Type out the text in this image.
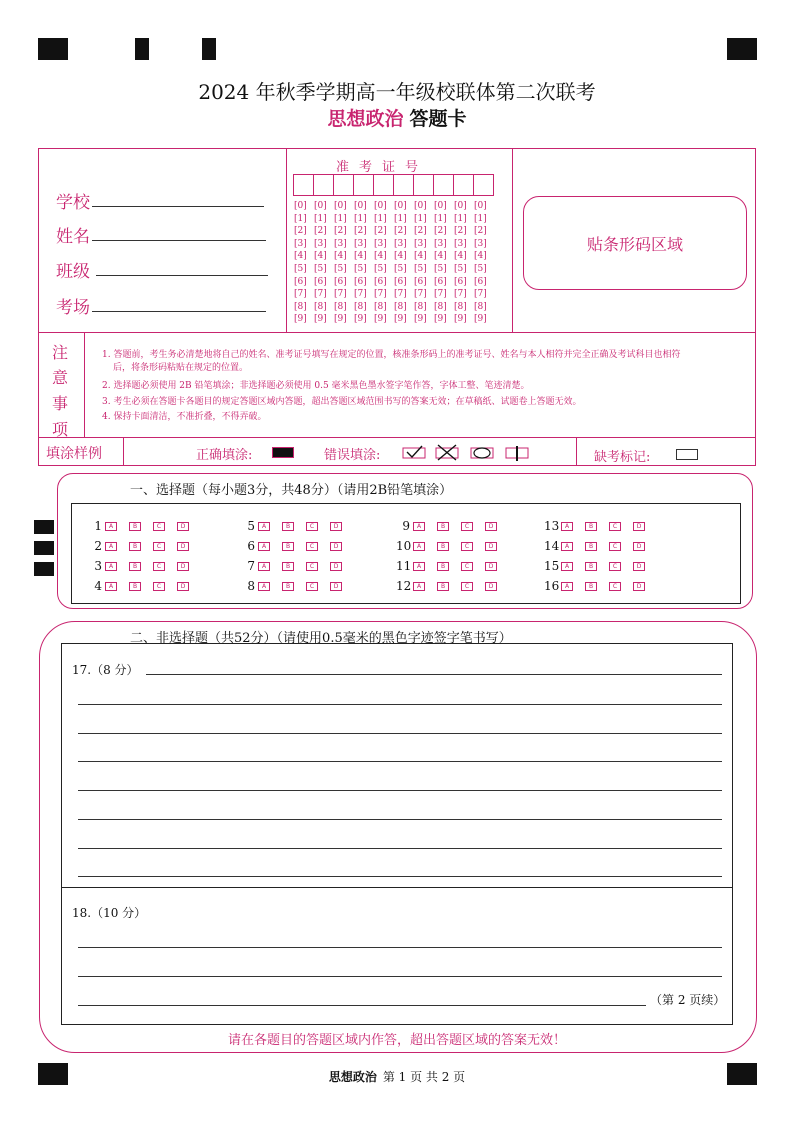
2024 年秋季学期高一年级校联体第二次联考
思想政治 答题卡
学校
姓名
班级
考场
准考证号
[0] [0] [0] [0] [0] [0] [0] [0] [0] [0]
[1] [1] [1] [1] [1] [1] [1] [1] [1] [1]
[2] [2] [2] [2] [2] [2] [2] [2] [2] [2]
[3] [3] [3] [3] [3] [3] [3] [3] [3] [3]
[4] [4] [4] [4] [4] [4] [4] [4] [4] [4]
[5] [5] [5] [5] [5] [5] [5] [5] [5] [5]
[6] [6] [6] [6] [6] [6] [6] [6] [6] [6]
[7] [7] [7] [7] [7] [7] [7] [7] [7] [7]
[8] [8] [8] [8] [8] [8] [8] [8] [8] [8]
[9] [9] [9] [9] [9] [9] [9] [9] [9] [9]
贴条形码区域
注
意
事
项
1. 答题前，考生务必清楚地将自己的姓名、准考证号填写在规定的位置，核准条形码上的准考证号、姓名与本人相符并完全正确及考试科目也相符
后，将条形码粘贴在规定的位置。
2. 选择题必须使用 2B 铅笔填涂；非选择题必须使用 0.5 毫米黑色墨水签字笔作答，字体工整、笔迹清楚。
3. 考生必须在答题卡各题目的规定答题区域内答题，超出答题区域范围书写的答案无效；在草稿纸、试题卷上答题无效。
4. 保持卡面清洁，不准折叠，不得弄破。
填涂样例	正确填涂:	错误填涂:	缺考标记:
一、选择题（每小题3分，共48分）（请用2B铅笔填涂）
1	A	B	C	D
2	A	B	C	D
3	A	B	C	D
4	A	B	C	D
5	A	B	C	D
6	A	B	C	D
7	A	B	C	D
8	A	B	C	D
9	A	B	C	D
10 A	B	C	D
11 A	B	C	D
12 A	B	C	D
13 A	B	C	D
14 A	B	C	D
15 A	B	C	D
16 A	B	C	D
二、非选择题（共52分）（请使用0.5毫米的黑色字迹签字笔书写）
17.（8 分）
18.（10 分）
（第 2 页续）
请在各题目的答题区域内作答，超出答题区域的答案无效！
思想政治 第 1 页 共 2 页
